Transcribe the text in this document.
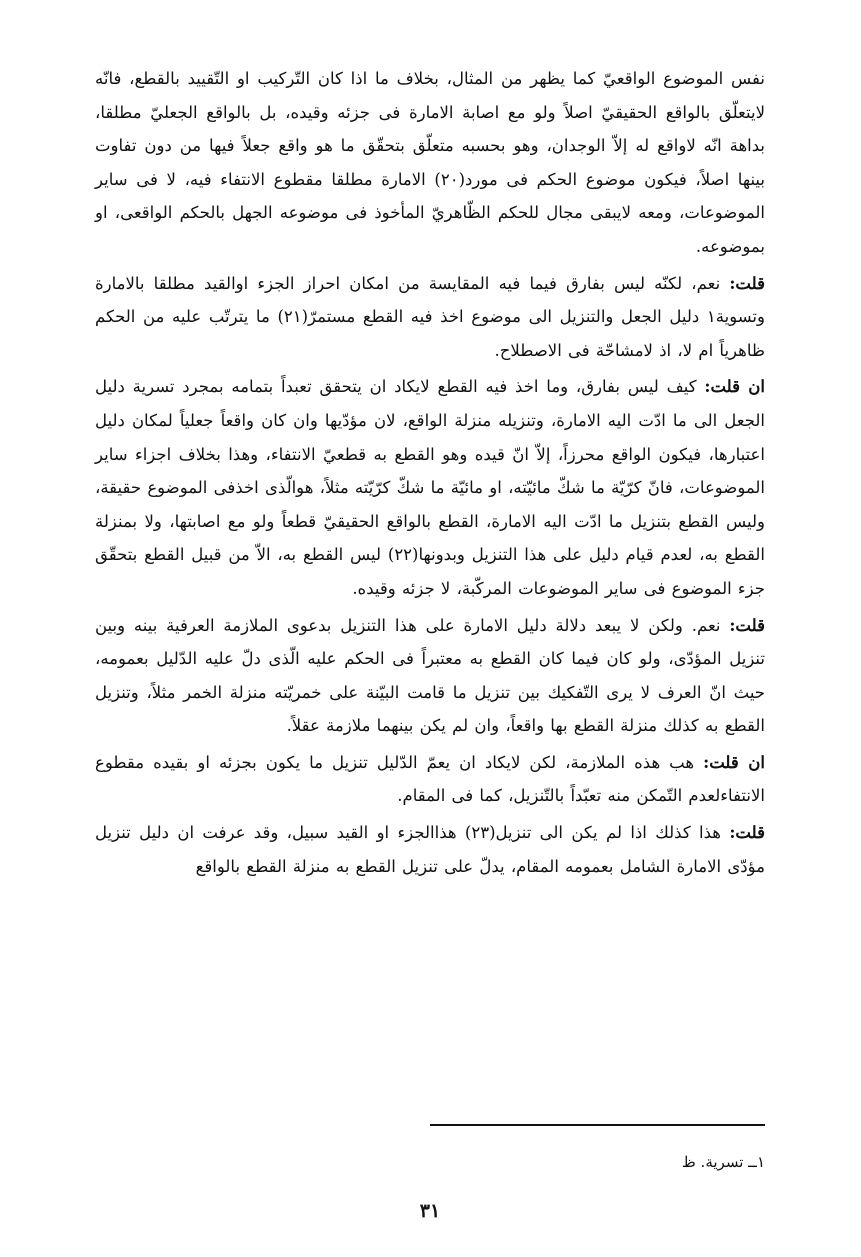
نفس الموضوع الواقعيّ كما يظهر من المثال، بخلاف ما اذا كان التّركيب او التّقييد بالقطع، فانّه لايتعلّق بالواقع الحقيقيّ اصلاً ولو مع اصابة الامارة فى جزئه وقيده، بل بالواقع الجعليّ مطلقا، بداهة انّه لاواقع له إلاّ الوجدان، وهو بحسبه متعلّق بتحقّق ما هو واقع جعلاً فيها من دون تفاوت بينها اصلاً، فيكون موضوع الحكم فى مورد(٢٠) الامارة مطلقا مقطوع الانتفاء فيه، لا فى ساير الموضوعات، ومعه لايبقى مجال للحكم الظّاهريّ المأخوذ فى موضوعه الجهل بالحكم الواقعى، او بموضوعه.

قلت: نعم، لكنّه ليس بفارق فيما فيه المقايسة من امكان احراز الجزء اوالقيد مطلقا بالامارة وتسوية١ دليل الجعل والتنزيل الى موضوع اخذ فيه القطع مستمرّ(٢١) ما يترتّب عليه من الحكم ظاهرياً ام لا، اذ لامشاحّة فى الاصطلاح.

ان قلت: كيف ليس بفارق، وما اخذ فيه القطع لايكاد ان يتحقق تعبداً بتمامه بمجرد تسرية دليل الجعل الى ما ادّت اليه الامارة، وتنزيله منزلة الواقع، لان مؤدّيها وان كان واقعاً جعلياً لمكان دليل اعتبارها، فيكون الواقع محرزاً، إلاّ انّ قيده وهو القطع به قطعيّ الانتفاء، وهذا بخلاف اجزاء ساير الموضوعات، فانّ كرّيّة ما شكّ مائيّته، او مائيّة ما شكّ كرّيّته مثلاً، هوالّذى اخذفى الموضوع حقيقة، وليس القطع بتنزيل ما ادّت اليه الامارة، القطع بالواقع الحقيقيّ قطعاً ولو مع اصابتها، ولا بمنزلة القطع به، لعدم قيام دليل على هذا التنزيل وبدونها(٢٢) ليس القطع به، الاّ من قبيل القطع بتحقّق جزء الموضوع فى ساير الموضوعات المركّبة، لا جزئه وقيده.

قلت: نعم. ولكن لا يبعد دلالة دليل الامارة على هذا التنزيل بدعوى الملازمة العرفية بينه وبين تنزيل المؤدّى، ولو كان فيما كان القطع به معتبراً فى الحكم عليه الّذى دلّ عليه الدّليل بعمومه، حيث انّ العرف لا يرى التّفكيك بين تنزيل ما قامت البيّنة على خمريّته منزلة الخمر مثلاً، وتنزيل القطع به كذلك منزلة القطع بها واقعاً، وان لم يكن بينهما ملازمة عقلاً.

ان قلت: هب هذه الملازمة، لكن لايكاد ان يعمّ الدّليل تنزيل ما يكون بجزئه او بقيده مقطوع الانتفاءلعدم التّمكن منه تعبّداً بالتّنزيل، كما فى المقام.

قلت: هذا كذلك اذا لم يكن الى تنزيل(٢٣) هذاالجزء او القيد سبيل، وقد عرفت ان دليل تنزيل مؤدّى الامارة الشامل بعمومه المقام، يدلّ على تنزيل القطع به منزلة القطع بالواقع

١ــ تسرية. ظ
٣١
